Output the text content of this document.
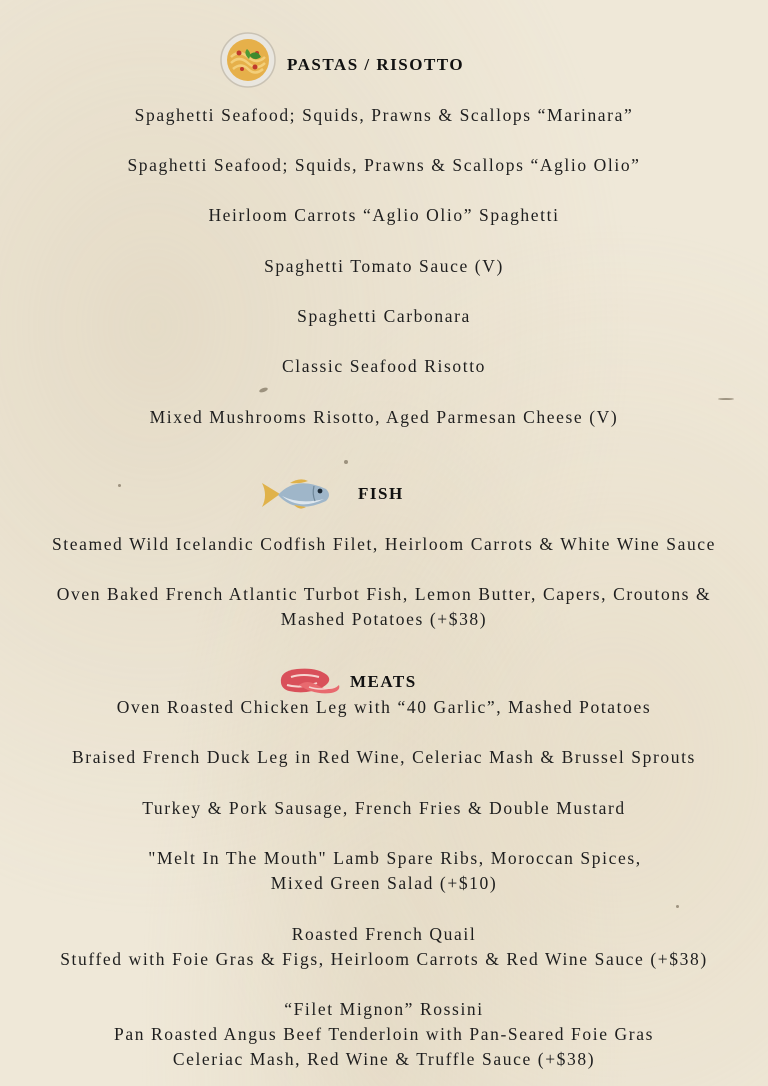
PASTAS / RISOTTO
Spaghetti Seafood; Squids, Prawns & Scallops “Marinara”
Spaghetti Seafood; Squids, Prawns & Scallops “Aglio Olio”
Heirloom Carrots “Aglio Olio” Spaghetti
Spaghetti Tomato Sauce (V)
Spaghetti Carbonara
Classic Seafood Risotto
Mixed Mushrooms Risotto, Aged Parmesan Cheese (V)
FISH
Steamed Wild Icelandic Codfish Filet, Heirloom Carrots & White Wine Sauce
Oven Baked French Atlantic Turbot Fish, Lemon Butter, Capers, Croutons &
Mashed Potatoes (+$38)
MEATS
Oven Roasted Chicken Leg with “40 Garlic”, Mashed Potatoes
Braised French Duck Leg in Red Wine, Celeriac Mash & Brussel Sprouts
Turkey & Pork Sausage, French Fries & Double Mustard
"Melt In The Mouth" Lamb Spare Ribs, Moroccan Spices,
Mixed Green Salad (+$10)
Roasted French Quail
Stuffed with Foie Gras & Figs, Heirloom Carrots & Red Wine Sauce (+$38)
“Filet Mignon” Rossini
Pan Roasted Angus Beef Tenderloin with Pan-Seared Foie Gras
Celeriac Mash, Red Wine & Truffle Sauce (+$38)
